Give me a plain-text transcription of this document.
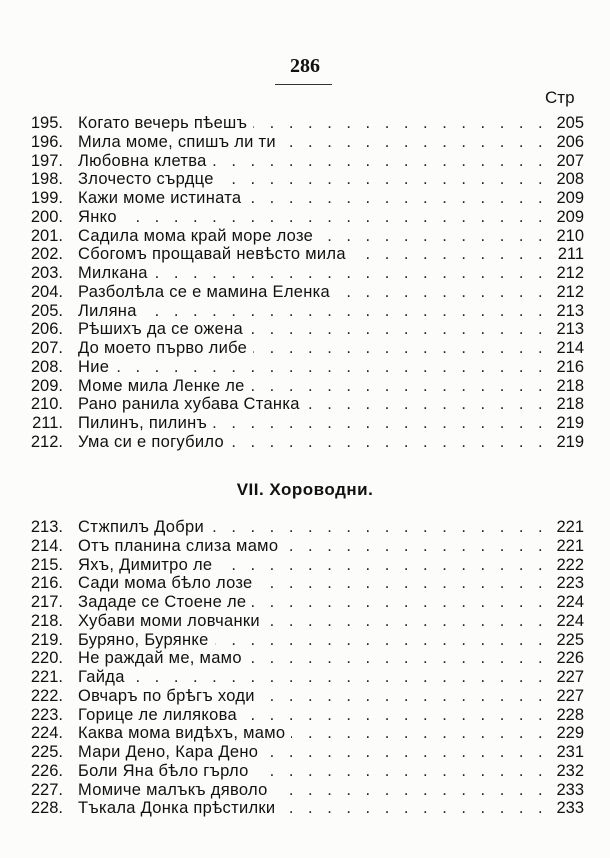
286
Стр
195. . . . Когато вечерь пѣешъ	205
196. . . . Мила моме, спишъ ли ти	206
197. . . . Любовна клетва	207
198. . . . Злочесто сърдце	208
199. . . . Кажи моме истината	209
200. . . . Янко	209
201. . . . Садила мома край море лозе	210
202. . . . Сбогомъ прощавай невѣсто мила	211
203. . . . Милкана	212
204. . . . Разболѣла се е мамина Еленка	212
205. . . . Лиляна	213
206. . . . Рѣшихъ да се оженa	213
207. . . . До моето първо либе	214
208. . . . Ние	216
209. . . . Моме мила Ленке ле	218
210. . . . Рано ранила хубава Станка	218
211. . . . Пилинъ, пилинъ	219
212. . . . Ума си е погубило	219
VII. Хороводни.
213. . . . Стжпилъ Добри	221
214. . . . Отъ планина слиза мамо	221
215. . . . Яхъ, Димитро ле	222
216. . . . Сади мома бѣло лозе	223
217. . . . Зададе се Стоене ле	224
218. . . . Хубави моми ловчанки	224
219. . . . Буряно, Бурянке	225
220. . . . Не раждай ме, мамо	226
221. . . . Гайда	227
222. . . . Овчаръ по брѣгъ ходи	227
223. . . . Горице ле лилякова	228
224. . . . Каква мома видѣхъ, мамо	229
225. . . . Мари Дено, Кара Дено	231
226. . . . Боли Яна бѣло гърло	232
227. . . . Момиче малъкъ дяволо	233
228. . . . Тъкала Донка прѣстилки	233
